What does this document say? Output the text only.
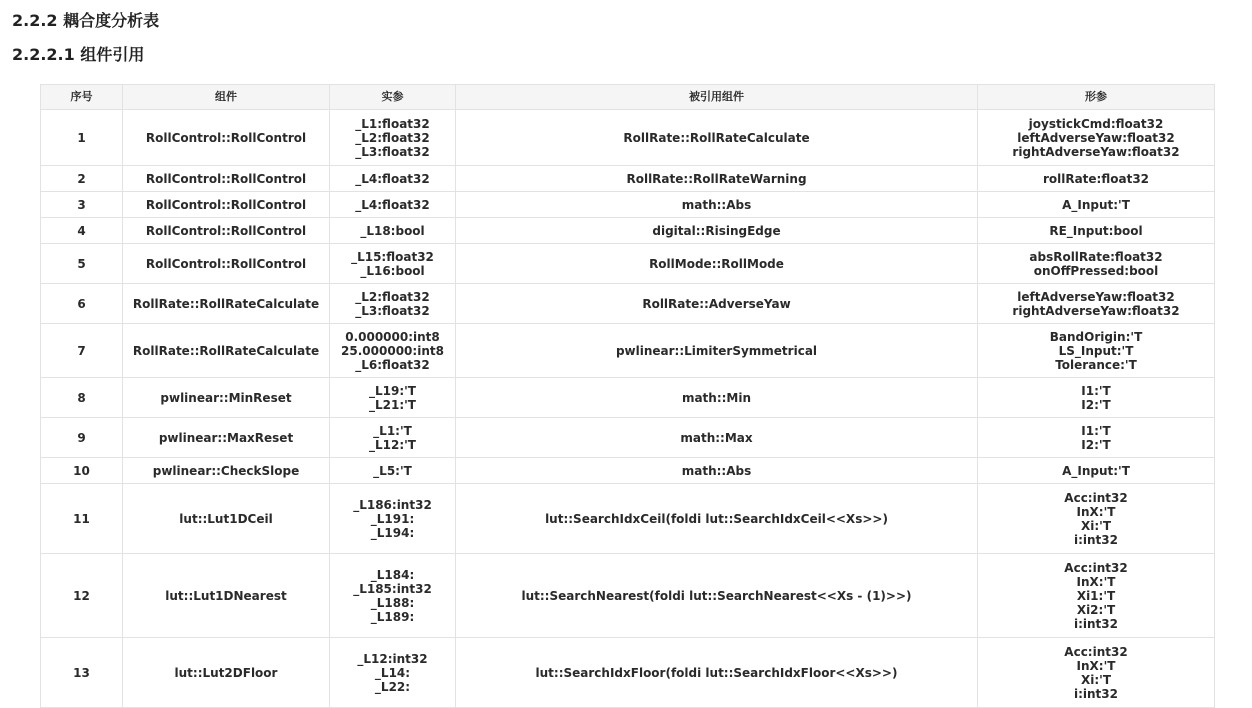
2.2.2 耦合度分析表
2.2.2.1 组件引用
序号	组件	实参	被引用组件	形参
1	RollControl::RollControl	_L1:float32
_L2:float32
_L3:float32	RollRate::RollRateCalculate	joystickCmd:float32
leftAdverseYaw:float32
rightAdverseYaw:float32
2	RollControl::RollControl	_L4:float32	RollRate::RollRateWarning	rollRate:float32
3	RollControl::RollControl	_L4:float32	math::Abs	A_Input:'T
4	RollControl::RollControl	_L18:bool	digital::RisingEdge	RE_Input:bool
5	RollControl::RollControl	_L15:float32
_L16:bool	RollMode::RollMode	absRollRate:float32
onOffPressed:bool
6	RollRate::RollRateCalculate	_L2:float32
_L3:float32	RollRate::AdverseYaw	leftAdverseYaw:float32
rightAdverseYaw:float32
7	RollRate::RollRateCalculate	0.000000:int8
25.000000:int8
_L6:float32	pwlinear::LimiterSymmetrical	BandOrigin:'T
LS_Input:'T
Tolerance:'T
8	pwlinear::MinReset	_L19:'T
_L21:'T	math::Min	I1:'T
I2:'T
9	pwlinear::MaxReset	_L1:'T
_L12:'T	math::Max	I1:'T
I2:'T
10	pwlinear::CheckSlope	_L5:'T	math::Abs	A_Input:'T
11	lut::Lut1DCeil	_L186:int32
_L191:
_L194:	lut::SearchIdxCeil(foldi lut::SearchIdxCeil<<Xs>>)	Acc:int32
InX:'T
Xi:'T
i:int32
12	lut::Lut1DNearest	_L184:
_L185:int32
_L188:
_L189:	lut::SearchNearest(foldi lut::SearchNearest<<Xs - (1)>>)	Acc:int32
InX:'T
Xi1:'T
Xi2:'T
i:int32
13	lut::Lut2DFloor	_L12:int32
_L14:
_L22:	lut::SearchIdxFloor(foldi lut::SearchIdxFloor<<Xs>>)	Acc:int32
InX:'T
Xi:'T
i:int32
